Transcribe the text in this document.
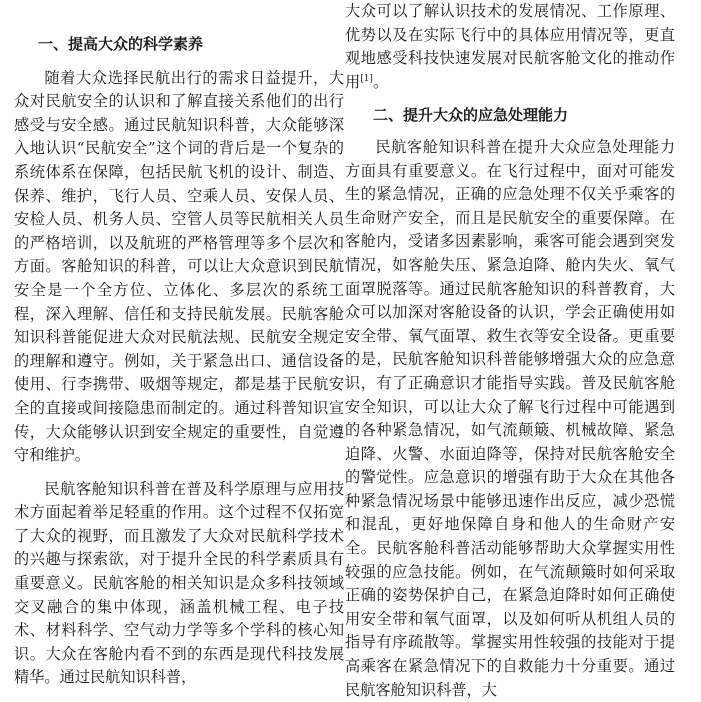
一、提高大众的科学素养

随着大众选择民航出行的需求日益提升，大众对民航安全的认识和了解直接关系他们的出行感受与安全感。通过民航知识科普，大众能够深入地认识“民航安全”这个词的背后是一个复杂的系统体系在保障，包括民航飞机的设计、制造、保养、维护，飞行人员、空乘人员、安保人员、安检人员、机务人员、空管人员等民航相关人员的严格培训，以及航班的严格管理等多个层次和方面。客舱知识的科普，可以让大众意识到民航安全是一个全方位、立体化、多层次的系统工程，深入理解、信任和支持民航发展。民航客舱知识科普能促进大众对民航法规、民航安全规定的理解和遵守。例如，关于紧急出口、通信设备使用、行李携带、吸烟等规定，都是基于民航安全的直接或间接隐患而制定的。通过科普知识宣传，大众能够认识到安全规定的重要性，自觉遵守和维护。

民航客舱知识科普在普及科学原理与应用技术方面起着举足轻重的作用。这个过程不仅拓宽了大众的视野，而且激发了大众对民航科学技术的兴趣与探索欲，对于提升全民的科学素质具有重要意义。民航客舱的相关知识是众多科技领域交叉融合的集中体现，涵盖机械工程、电子技术、材料科学、空气动力学等多个学科的核心知识。大众在客舱内看不到的东西是现代科技发展精华。通过民航知识科普，

大众可以了解认识技术的发展情况、工作原理、优势以及在实际飞行中的具体应用情况等，更直观地感受科技快速发展对民航客舱文化的推动作用[1]。

二、提升大众的应急处理能力

民航客舱知识科普在提升大众应急处理能力方面具有重要意义。在飞行过程中，面对可能发生的紧急情况，正确的应急处理不仅关乎乘客的生命财产安全，而且是民航安全的重要保障。在客舱内，受诸多因素影响，乘客可能会遇到突发情况，如客舱失压、紧急迫降、舱内失火、氧气面罩脱落等。通过民航客舱知识的科普教育，大众可以加深对客舱设备的认识，学会正确使用如安全带、氧气面罩、救生衣等安全设备。更重要的是，民航客舱知识科普能够增强大众的应急意识，有了正确意识才能指导实践。普及民航客舱安全知识，可以让大众了解飞行过程中可能遇到的各种紧急情况，如气流颠簸、机械故障、紧急迫降、火警、水面迫降等，保持对民航客舱安全的警觉性。应急意识的增强有助于大众在其他各种紧急情况场景中能够迅速作出反应，减少恐慌和混乱，更好地保障自身和他人的生命财产安全。民航客舱科普活动能够帮助大众掌握实用性较强的应急技能。例如，在气流颠簸时如何采取正确的姿势保护自己，在紧急迫降时如何正确使用安全带和氧气面罩，以及如何听从机组人员的指导有序疏散等。掌握实用性较强的技能对于提高乘客在紧急情况下的自救能力十分重要。通过民航客舱知识科普，大
